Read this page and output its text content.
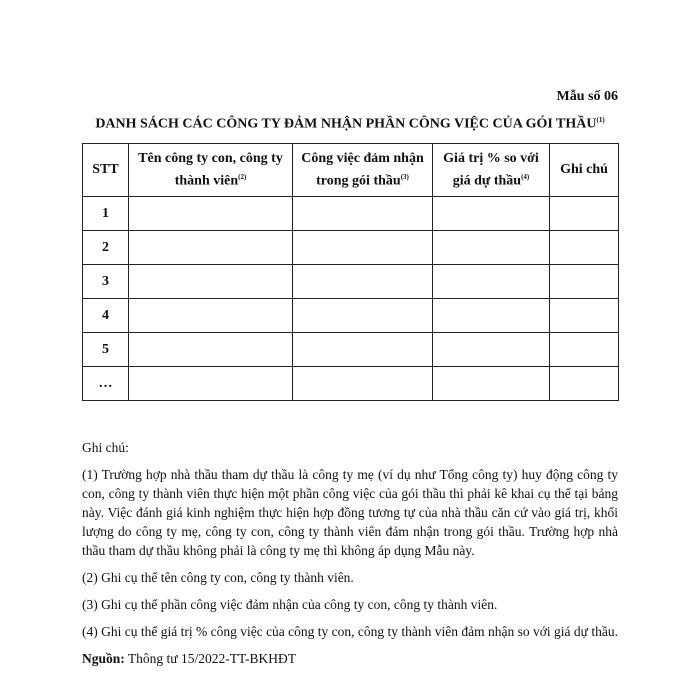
Mẫu số 06
DANH SÁCH CÁC CÔNG TY ĐẢM NHẬN PHẦN CÔNG VIỆC CỦA GÓI THẦU$^{(1)}$
STT	Tên công ty con, công ty thành viên$^{(2)}$	Công việc đảm nhận trong gói thầu$^{(3)}$	Giá trị % so với giá dự thầu$^{(4)}$	Ghi chú
1				
2				
3				
4				
5				
…				

Ghi chú:

(1) Trường hợp nhà thầu tham dự thầu là công ty mẹ (ví dụ như Tổng công ty) huy động công ty con, công ty thành viên thực hiện một phần công việc của gói thầu thì phải kê khai cụ thể tại bảng này. Việc đánh giá kinh nghiệm thực hiện hợp đồng tương tự của nhà thầu căn cứ vào giá trị, khối lượng do công ty mẹ, công ty con, công ty thành viên đảm nhận trong gói thầu. Trường hợp nhà thầu tham dự thầu không phải là công ty mẹ thì không áp dụng Mẫu này.

(2) Ghi cụ thể tên công ty con, công ty thành viên.

(3) Ghi cụ thể phần công việc đảm nhận của công ty con, công ty thành viên.

(4) Ghi cụ thể giá trị % công việc của công ty con, công ty thành viên đảm nhận so với giá dự thầu.

Nguồn: Thông tư 15/2022-TT-BKHĐT
